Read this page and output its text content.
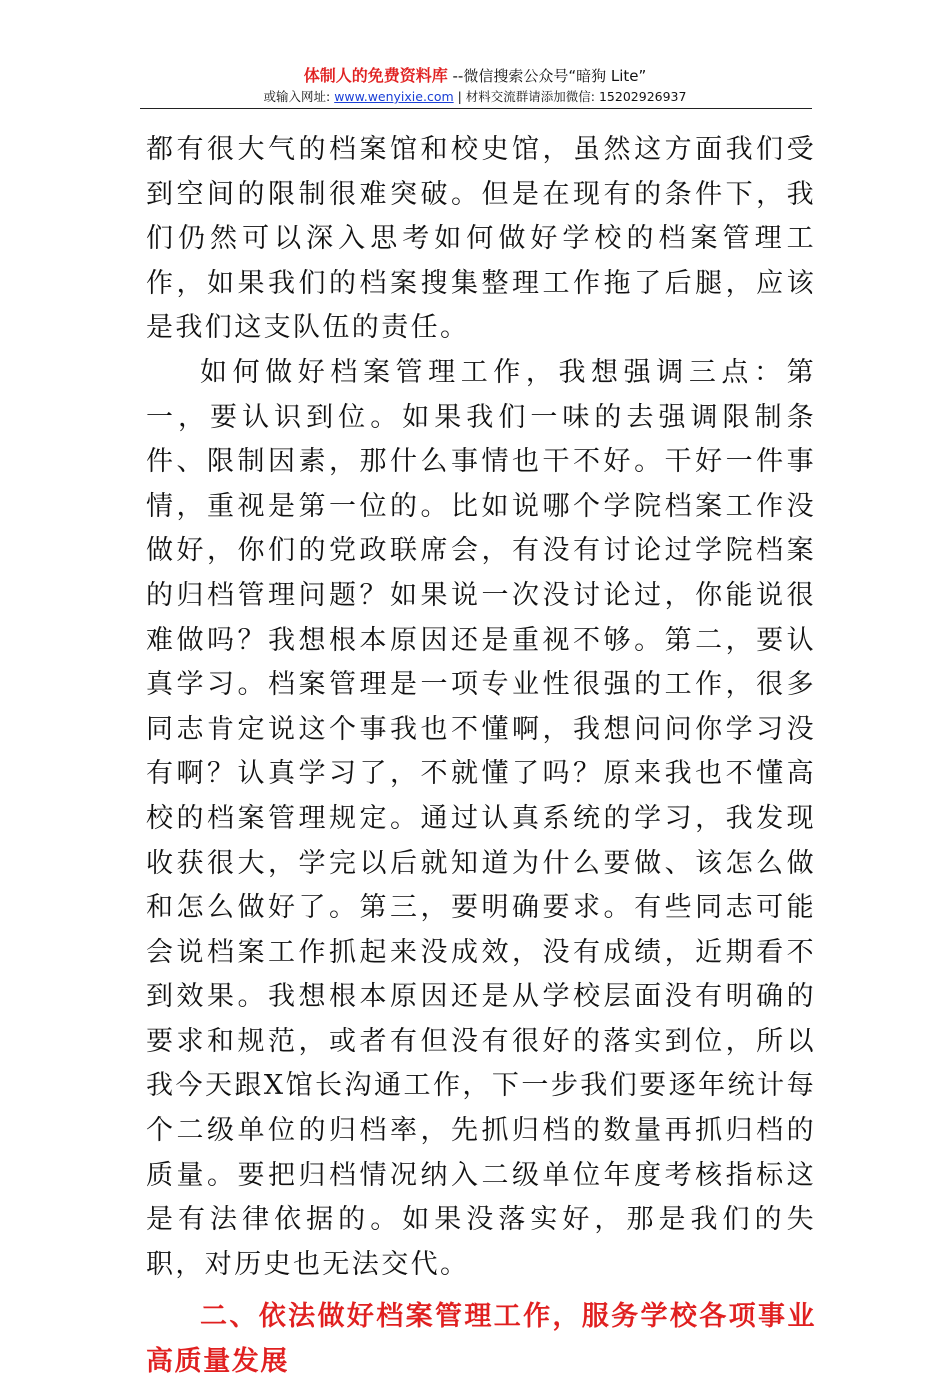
体制人的免费资料库 --微信搜索公众号“暗狗 Lite”
或输入网址: www.wenyixie.com | 材料交流群请添加微信: 15202926937

都有很大气的档案馆和校史馆，虽然这方面我们受到空间的限制很难突破。但是在现有的条件下，我们仍然可以深入思考如何做好学校的档案管理工作，如果我们的档案搜集整理工作拖了后腿，应该是我们这支队伍的责任。

如何做好档案管理工作，我想强调三点：第一，要认识到位。如果我们一味的去强调限制条件、限制因素，那什么事情也干不好。干好一件事情，重视是第一位的。比如说哪个学院档案工作没做好，你们的党政联席会，有没有讨论过学院档案的归档管理问题？如果说一次没讨论过，你能说很难做吗？我想根本原因还是重视不够。第二，要认真学习。档案管理是一项专业性很强的工作，很多同志肯定说这个事我也不懂啊，我想问问你学习没有啊？认真学习了，不就懂了吗？原来我也不懂高校的档案管理规定。通过认真系统的学习，我发现收获很大，学完以后就知道为什么要做、该怎么做和怎么做好了。第三，要明确要求。有些同志可能会说档案工作抓起来没成效，没有成绩，近期看不到效果。我想根本原因还是从学校层面没有明确的要求和规范，或者有但没有很好的落实到位，所以我今天跟X馆长沟通工作，下一步我们要逐年统计每个二级单位的归档率，先抓归档的数量再抓归档的质量。要把归档情况纳入二级单位年度考核指标这是有法律依据的。如果没落实好，那是我们的失职，对历史也无法交代。

二、依法做好档案管理工作，服务学校各项事业高质量发展
